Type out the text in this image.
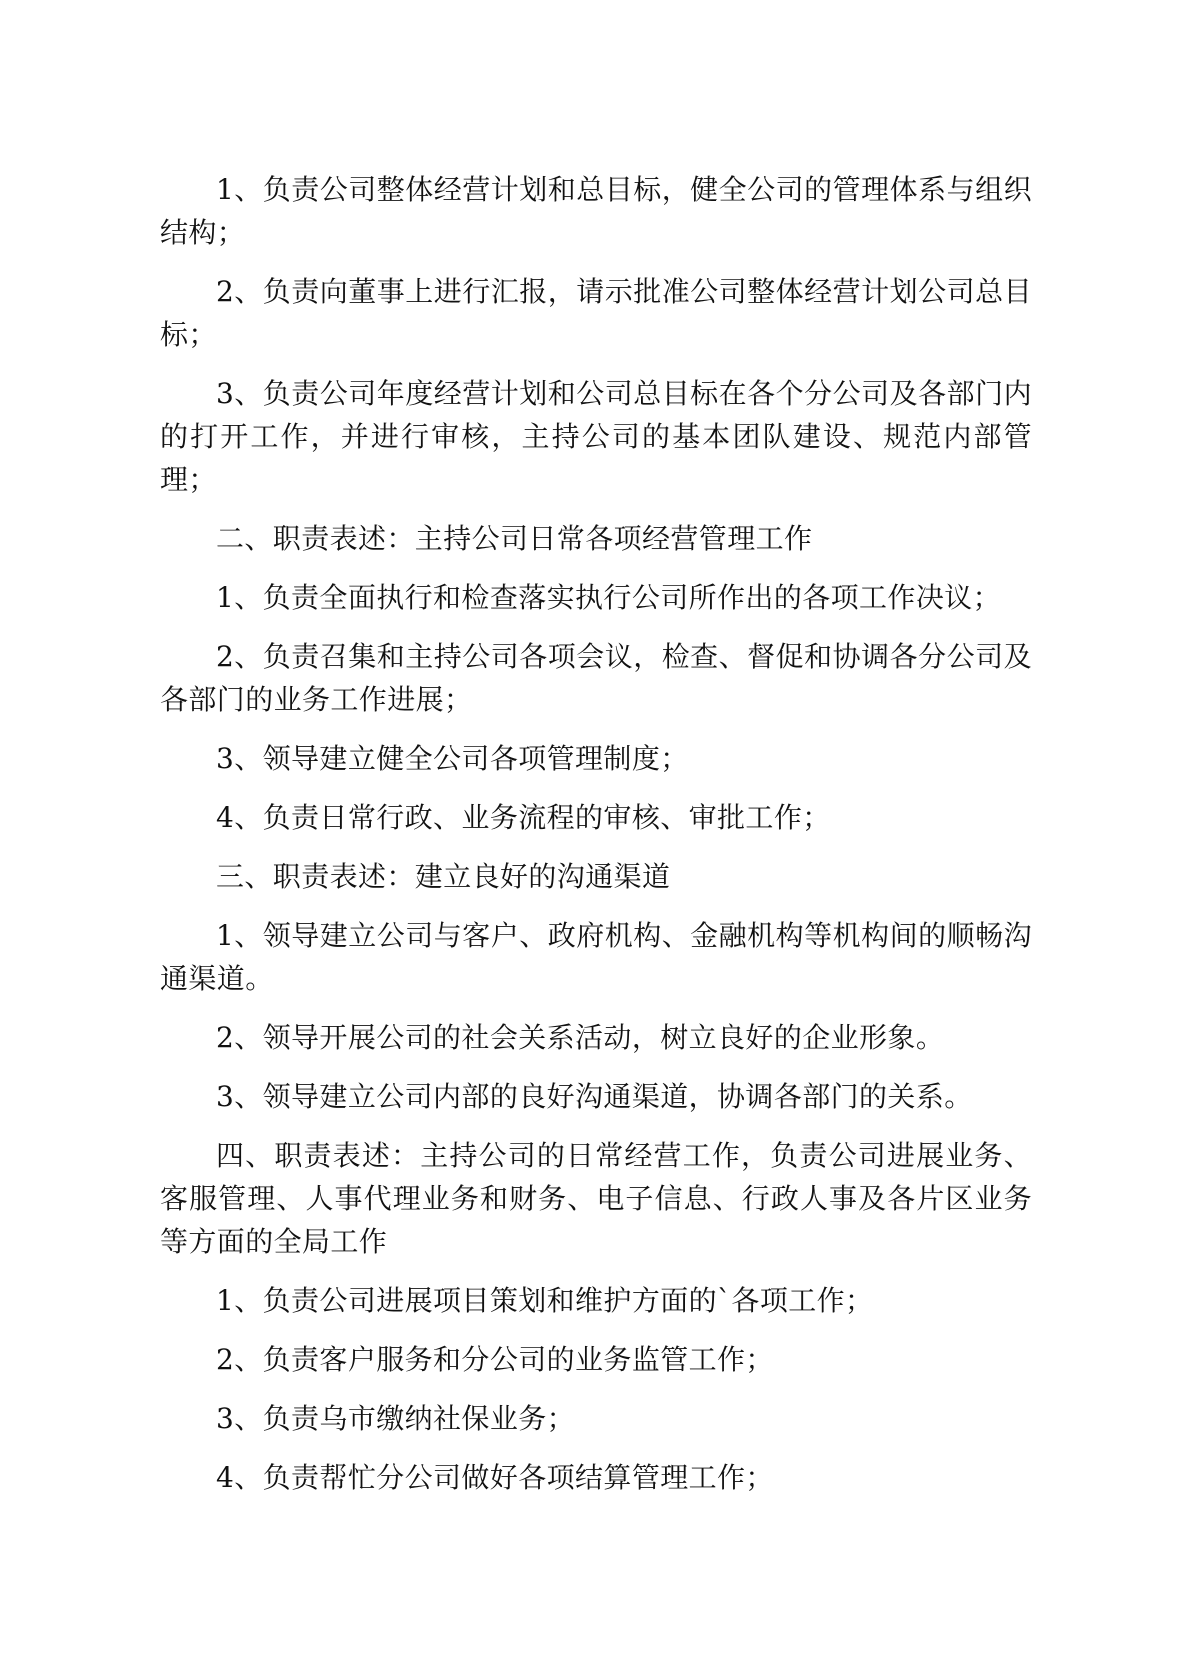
1、负责公司整体经营计划和总目标，健全公司的管理体系与组织结构；

2、负责向董事上进行汇报，请示批准公司整体经营计划公司总目标；

3、负责公司年度经营计划和公司总目标在各个分公司及各部门内的打开工作，并进行审核，主持公司的基本团队建设、规范内部管理；

二、职责表述：主持公司日常各项经营管理工作

1、负责全面执行和检查落实执行公司所作出的各项工作决议；

2、负责召集和主持公司各项会议，检查、督促和协调各分公司及各部门的业务工作进展；

3、领导建立健全公司各项管理制度；

4、负责日常行政、业务流程的审核、审批工作；

三、职责表述：建立良好的沟通渠道

1、领导建立公司与客户、政府机构、金融机构等机构间的顺畅沟通渠道。

2、领导开展公司的社会关系活动，树立良好的企业形象。

3、领导建立公司内部的良好沟通渠道，协调各部门的关系。

四、职责表述：主持公司的日常经营工作，负责公司进展业务、客服管理、人事代理业务和财务、电子信息、行政人事及各片区业务等方面的全局工作

1、负责公司进展项目策划和维护方面的`各项工作；

2、负责客户服务和分公司的业务监管工作；

3、负责乌市缴纳社保业务；

4、负责帮忙分公司做好各项结算管理工作；
